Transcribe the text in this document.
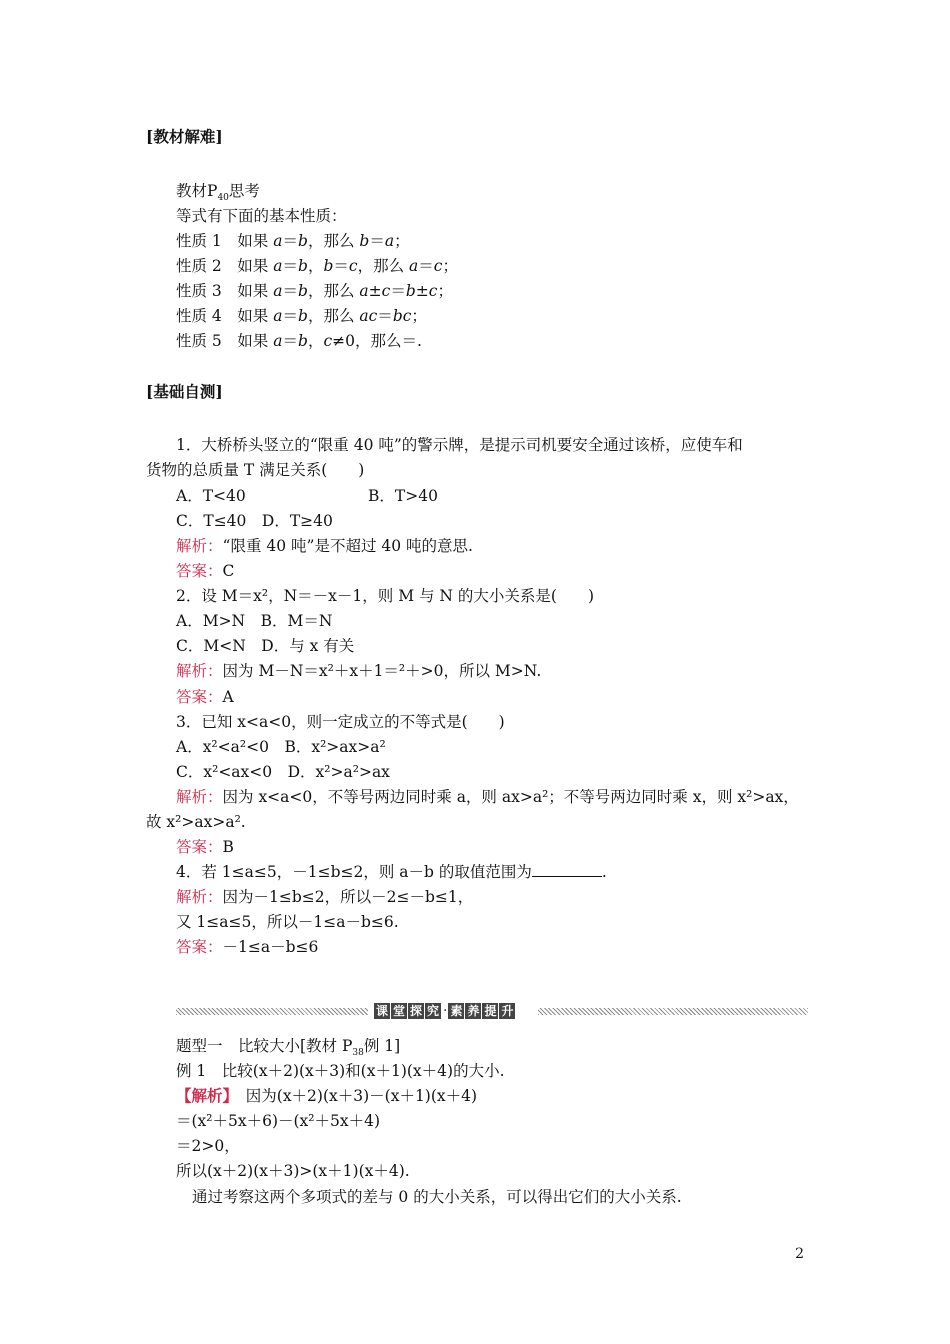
[教材解难]
教材$P_{40}$思考
等式有下面的基本性质：
性质 1　如果 a＝b，那么 b＝a；
性质 2　如果 a＝b，b＝c，那么 a＝c；
性质 3　如果 a＝b，那么 a±c＝b±c；
性质 4　如果 a＝b，那么 ac＝bc；
性质 5　如果 a＝b，c≠0，那么＝.
[基础自测]
1．大桥桥头竖立的“限重 40 吨”的警示牌，是提示司机要安全通过该桥，应使车和
货物的总质量 T 满足关系(　　)
A．T<40	B．T>40
C．T≤40　D．T≥40
解析：“限重 40 吨”是不超过 40 吨的意思.
答案：C
2．设 M＝x²，N＝－x－1，则 M 与 N 的大小关系是(　　)
A．M>N　B．M＝N
C．M<N　D．与 x 有关
解析：因为 M－N＝x²＋x＋1＝²＋>0，所以 M>N.
答案：A
3．已知 x<a<0，则一定成立的不等式是(　　)
A．x²<a²<0　B．x²>ax>a²
C．x²<ax<0　D．x²>a²>ax
解析：因为 x<a<0，不等号两边同时乘 a，则 ax>a²；不等号两边同时乘 x，则 x²>ax，
故 x²>ax>a².
答案：B
4．若 1≤a≤5，－1≤b≤2，则 a－b 的取值范围为	.
解析：因为－1≤b≤2，所以－2≤－b≤1，
又 1≤a≤5，所以－1≤a－b≤6.
答案：－1≤a－b≤6
课 堂 探 究 · 素 养 提 升
题型一　比较大小[教材 $P_{38}$例 1]
例 1　比较(x＋2)(x＋3)和(x＋1)(x＋4)的大小.
【解析】　因为(x＋2)(x＋3)－(x＋1)(x＋4)
＝(x²＋5x＋6)－(x²＋5x＋4)
＝2>0，
所以(x＋2)(x＋3)>(x＋1)(x＋4).
通过考察这两个多项式的差与 0 的大小关系，可以得出它们的大小关系.
2
